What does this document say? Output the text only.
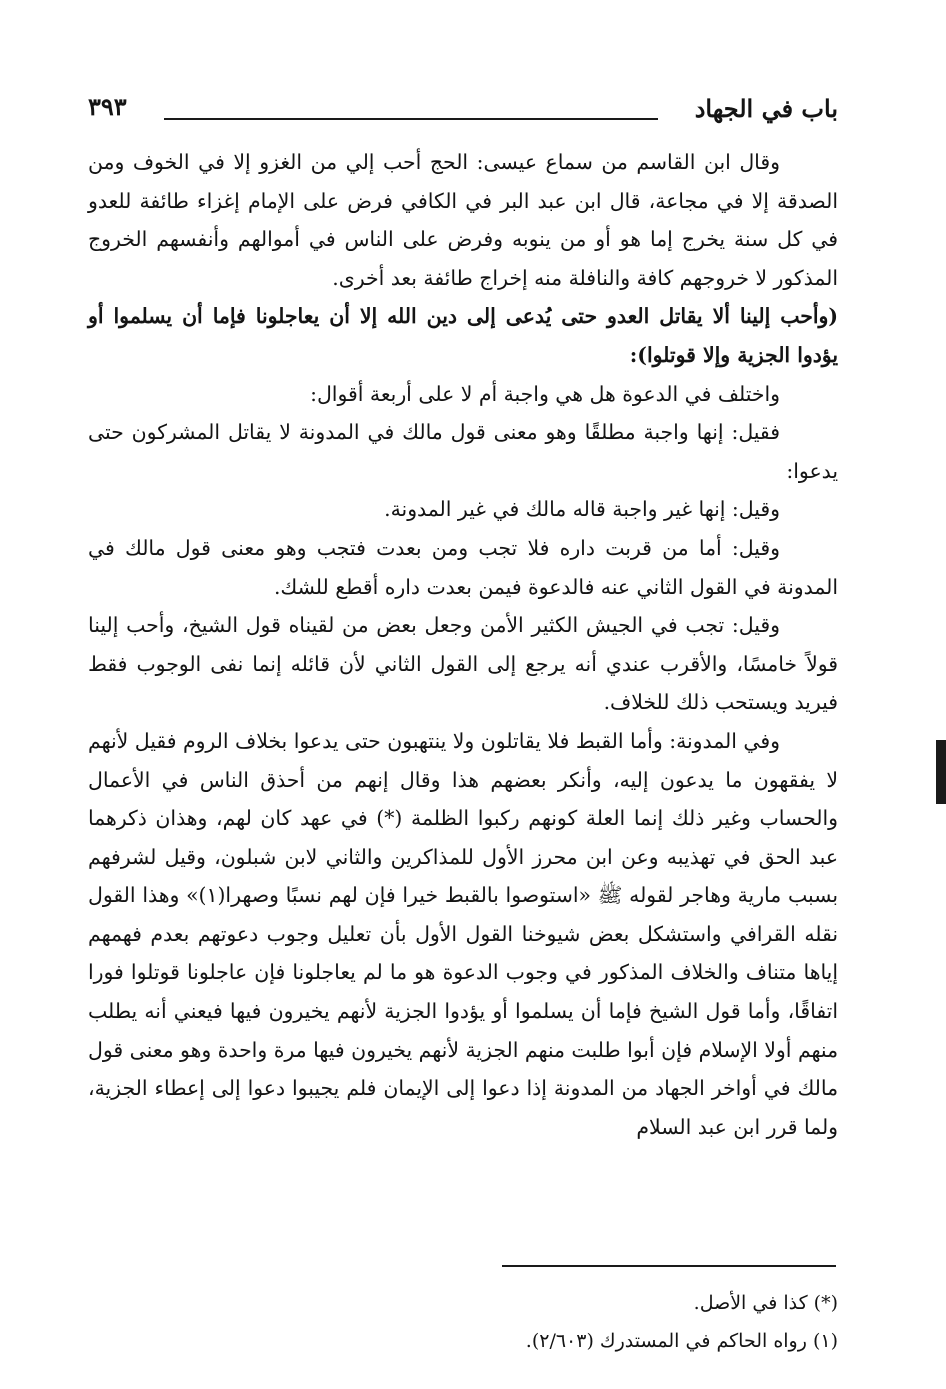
٣٩٣	باب في الجهاد

وقال ابن القاسم من سماع عيسى: الحج أحب إلي من الغزو إلا في الخوف ومن الصدقة إلا في مجاعة، قال ابن عبد البر في الكافي فرض على الإمام إغزاء طائفة للعدو في كل سنة يخرج إما هو أو من ينوبه وفرض على الناس في أموالهم وأنفسهم الخروج المذكور لا خروجهم كافة والنافلة منه إخراج طائفة بعد أخرى.

(وأحب إلينا ألا يقاتل العدو حتى يُدعى إلى دين الله إلا أن يعاجلونا فإما أن يسلموا أو يؤدوا الجزية وإلا قوتلوا):

واختلف في الدعوة هل هي واجبة أم لا على أربعة أقوال:

فقيل: إنها واجبة مطلقًا وهو معنى قول مالك في المدونة لا يقاتل المشركون حتى يدعوا:

وقيل: إنها غير واجبة قاله مالك في غير المدونة.

وقيل: أما من قربت داره فلا تجب ومن بعدت فتجب وهو معنى قول مالك في المدونة في القول الثاني عنه فالدعوة فيمن بعدت داره أقطع للشك.

وقيل: تجب في الجيش الكثير الأمن وجعل بعض من لقيناه قول الشيخ، وأحب إلينا قولاً خامسًا، والأقرب عندي أنه يرجع إلى القول الثاني لأن قائله إنما نفى الوجوب فقط فيريد ويستحب ذلك للخلاف.

وفي المدونة: وأما القبط فلا يقاتلون ولا ينتهبون حتى يدعوا بخلاف الروم فقيل لأنهم لا يفقهون ما يدعون إليه، وأنكر بعضهم هذا وقال إنهم من أحذق الناس في الأعمال والحساب وغير ذلك إنما العلة كونهم ركبوا الظلمة (*) في عهد كان لهم، وهذان ذكرهما عبد الحق في تهذيبه وعن ابن محرز الأول للمذاكرين والثاني لابن شبلون، وقيل لشرفهم بسبب مارية وهاجر لقوله ﷺ «استوصوا بالقبط خيرا فإن لهم نسبًا وصهرا(١)» وهذا القول نقله القرافي واستشكل بعض شيوخنا القول الأول بأن تعليل وجوب دعوتهم بعدم فهمهم إياها متناف والخلاف المذكور في وجوب الدعوة هو ما لم يعاجلونا فإن عاجلونا قوتلوا فورا اتفاقًا، وأما قول الشيخ فإما أن يسلموا أو يؤدوا الجزية لأنهم يخيرون فيها فيعني أنه يطلب منهم أولا الإسلام فإن أبوا طلبت منهم الجزية لأنهم يخيرون فيها مرة واحدة وهو معنى قول مالك في أواخر الجهاد من المدونة إذا دعوا إلى الإيمان فلم يجيبوا دعوا إلى إعطاء الجزية، ولما قرر ابن عبد السلام

(*) كذا في الأصل.

(١) رواه الحاكم في المستدرك (٢/٦٠٣).
